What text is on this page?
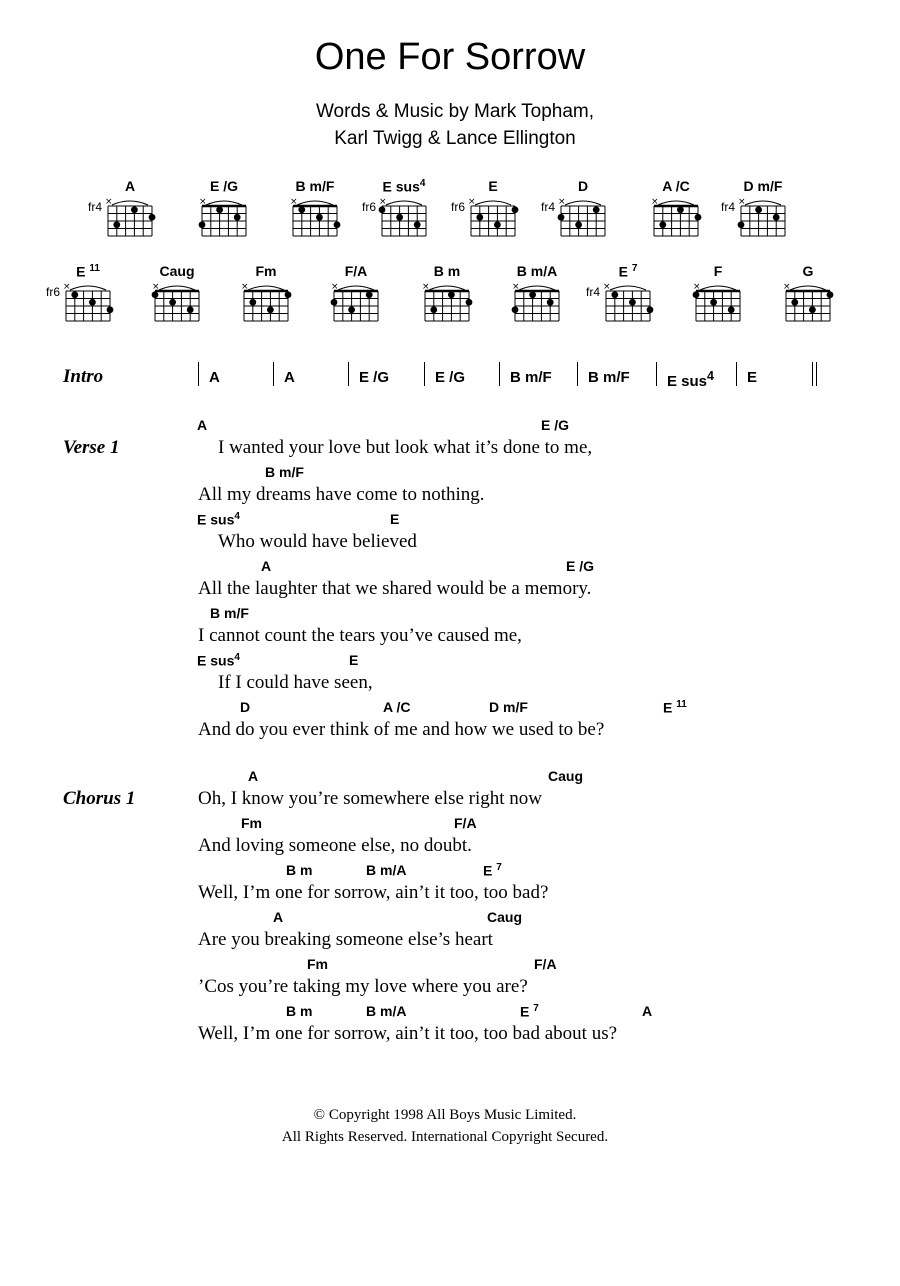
One For Sorrow
Words & Music by Mark Topham,
Karl Twigg & Lance Ellington
A
fr4 ×
E /G
×
B m/F
×
E sus$^4$
fr6 ×
E
fr6 ×
D
fr4 ×
A /C
×
D m/F
fr4 ×
E $^{11}$
fr6 ×
Caug
×
Fm
×
F/A
×
B m
×
B m/A
×
E $^7$
fr4 ×
F
×
G
×
Intro	A	A	E /G	E /G	B m/F B m/F E sus$^4$ E
Verse 1	I wanted your love but look what it’s done to me,
A	E /G
All my dreams have come to nothing.
B m/F
Who would have believed
E sus$^4$	E
All the laughter that we shared would be a memory.
A	E /G
I cannot count the tears you’ve caused me,
B m/F
If I could have seen,
E sus$^4$	E
And do you ever think of me and how we used to be?
D	A /C	D m/F	E $^{11}$
Chorus 1	Oh, I know you’re somewhere else right now
A	Caug
And loving someone else, no doubt.
Fm	F/A
Well, I’m one for sorrow, ain’t it too, too bad?
B m	B m/A	E $^7$
Are you breaking someone else’s heart
A	Caug
’Cos you’re taking my love where you are?
Fm	F/A
Well, I’m one for sorrow, ain’t it too, too bad about us?
B m	B m/A	E $^7$	A
© Copyright 1998 All Boys Music Limited.
All Rights Reserved. International Copyright Secured.
